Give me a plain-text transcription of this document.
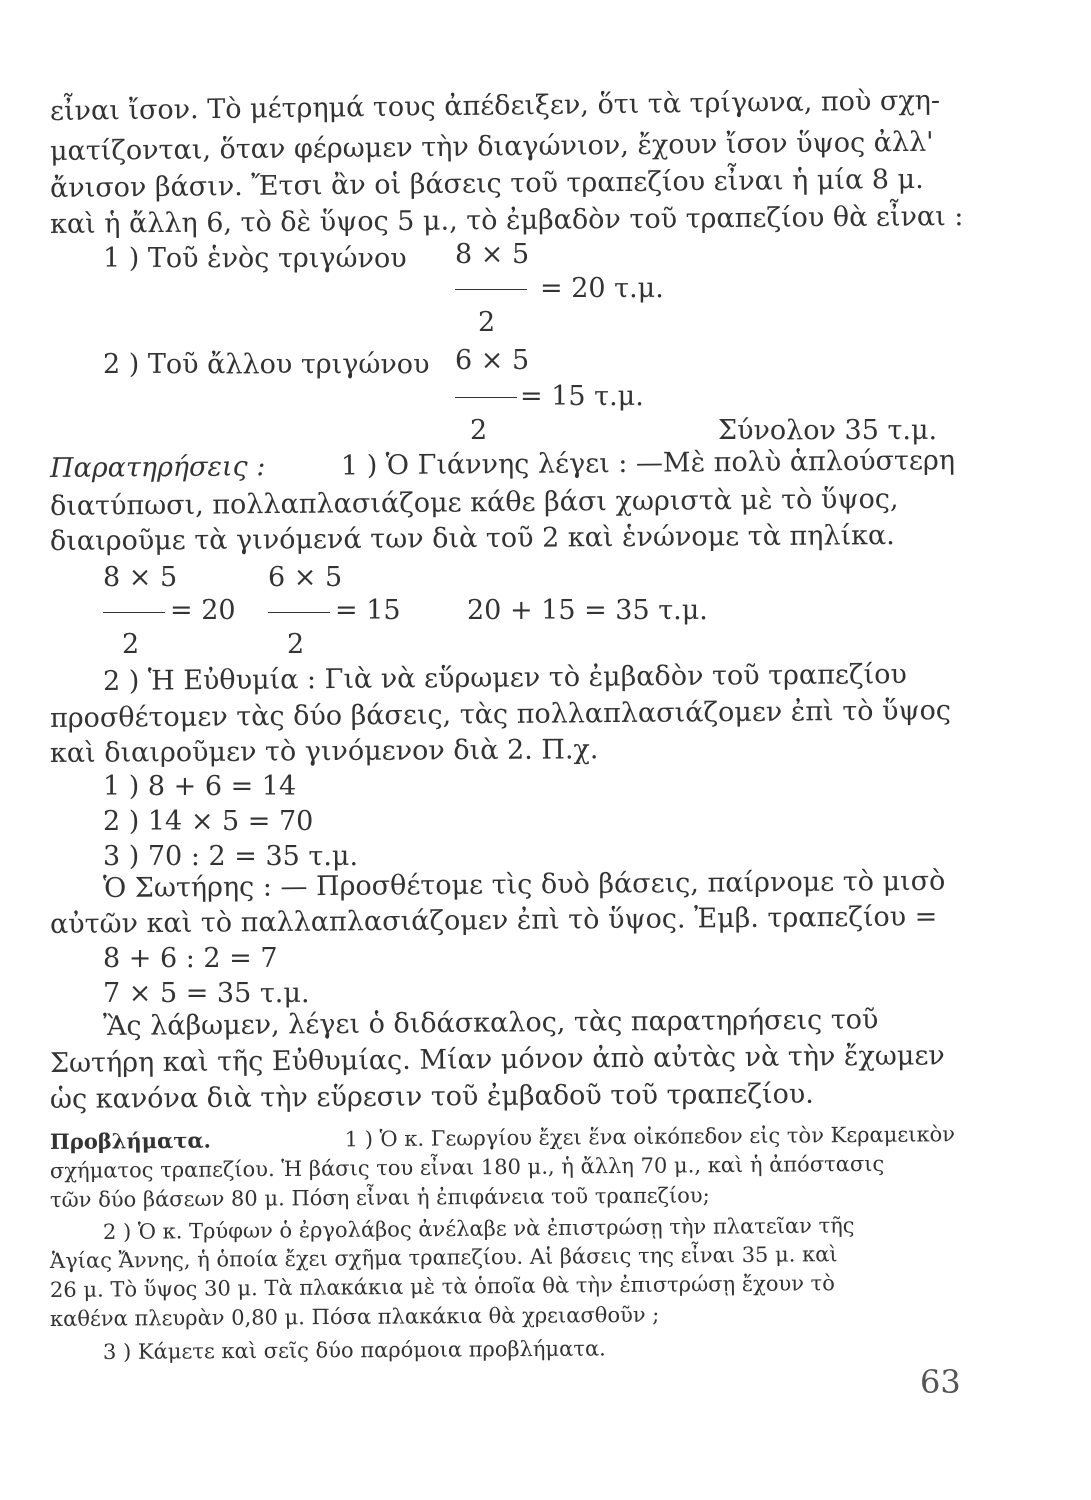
εἶναι ἴσον. Τὸ μέτρημά τους ἀπέδειξεν, ὅτι τὰ τρίγωνα, ποὺ σχη-
ματίζονται, ὅταν φέρωμεν τὴν διαγώνιον, ἔχουν ἴσον ὕψος ἀλλ'
ἄνισον βάσιν. Ἔτσι ἂν οἱ βάσεις τοῦ τραπεζίου εἶναι ἡ μία 8 μ.
καὶ ἡ ἄλλη 6, τὸ δὲ ὕψος 5 μ., τὸ ἐμβαδὸν τοῦ τραπεζίου θὰ εἶναι :
1 ) Τοῦ ἑνὸς τριγώνου 8 × 5
= 20 τ.μ.
2
2 ) Τοῦ ἄλλου τριγώνου 6 × 5
= 15 τ.μ.
2	Σύνολον 35 τ.μ.
Παρατηρήσεις :	1 ) Ὁ Γιάννης λέγει : —Μὲ πολὺ ἁπλούστερη
διατύπωσι, πολλαπλασιάζομε κάθε βάσι χωριστὰ μὲ τὸ ὕψος,
διαιροῦμε τὰ γινόμενά των διὰ τοῦ 2 καὶ ἑνώνομε τὰ πηλίκα.
8 × 5
= 20
2
6 × 5
= 15
2
20 + 15 = 35 τ.μ.
2 ) Ἡ Εὐθυμία : Γιὰ νὰ εὕρωμεν τὸ ἐμβαδὸν τοῦ τραπεζίου
προσθέτομεν τὰς δύο βάσεις, τὰς πολλαπλασιάζομεν ἐπὶ τὸ ὕψος
καὶ διαιροῦμεν τὸ γινόμενον διὰ 2. Π.χ.
1 ) 8 + 6 = 14
2 ) 14 × 5 = 70
3 ) 70 : 2 = 35 τ.μ.
Ὁ Σωτήρης : — Προσθέτομε τὶς δυὸ βάσεις, παίρνομε τὸ μισὸ
αὐτῶν καὶ τὸ παλλαπλασιάζομεν ἐπὶ τὸ ὕψος. Ἐμβ. τραπεζίου =
8 + 6 : 2 = 7
7 × 5 = 35 τ.μ.
Ἂς λάβωμεν, λέγει ὁ διδάσκαλος, τὰς παρατηρήσεις τοῦ
Σωτήρη καὶ τῆς Εὐθυμίας. Μίαν μόνον ἀπὸ αὐτὰς νὰ τὴν ἔχωμεν
ὡς κανόνα διὰ τὴν εὕρεσιν τοῦ ἐμβαδοῦ τοῦ τραπεζίου.
Προβλήματα.	1 ) Ὁ κ. Γεωργίου ἔχει ἕνα οἰκόπεδον εἰς τὸν Κεραμεικὸν
σχήματος τραπεζίου. Ἡ βάσις του εἶναι 180 μ., ἡ ἄλλη 70 μ., καὶ ἡ ἀπόστασις
τῶν δύο βάσεων 80 μ. Πόση εἶναι ἡ ἐπιφάνεια τοῦ τραπεζίου;
2 ) Ὁ κ. Τρύφων ὁ ἐργολάβος ἀνέλαβε νὰ ἐπιστρώσῃ τὴν πλατεῖαν τῆς
Ἁγίας Ἄννης, ἡ ὁποία ἔχει σχῆμα τραπεζίου. Αἱ βάσεις της εἶναι 35 μ. καὶ
26 μ. Τὸ ὕψος 30 μ. Τὰ πλακάκια μὲ τὰ ὁποῖα θὰ τὴν ἐπιστρώσῃ ἔχουν τὸ
καθένα πλευρὰν 0,80 μ. Πόσα πλακάκια θὰ χρειασθοῦν ;
3 ) Κάμετε καὶ σεῖς δύο παρόμοια προβλήματα.
63
